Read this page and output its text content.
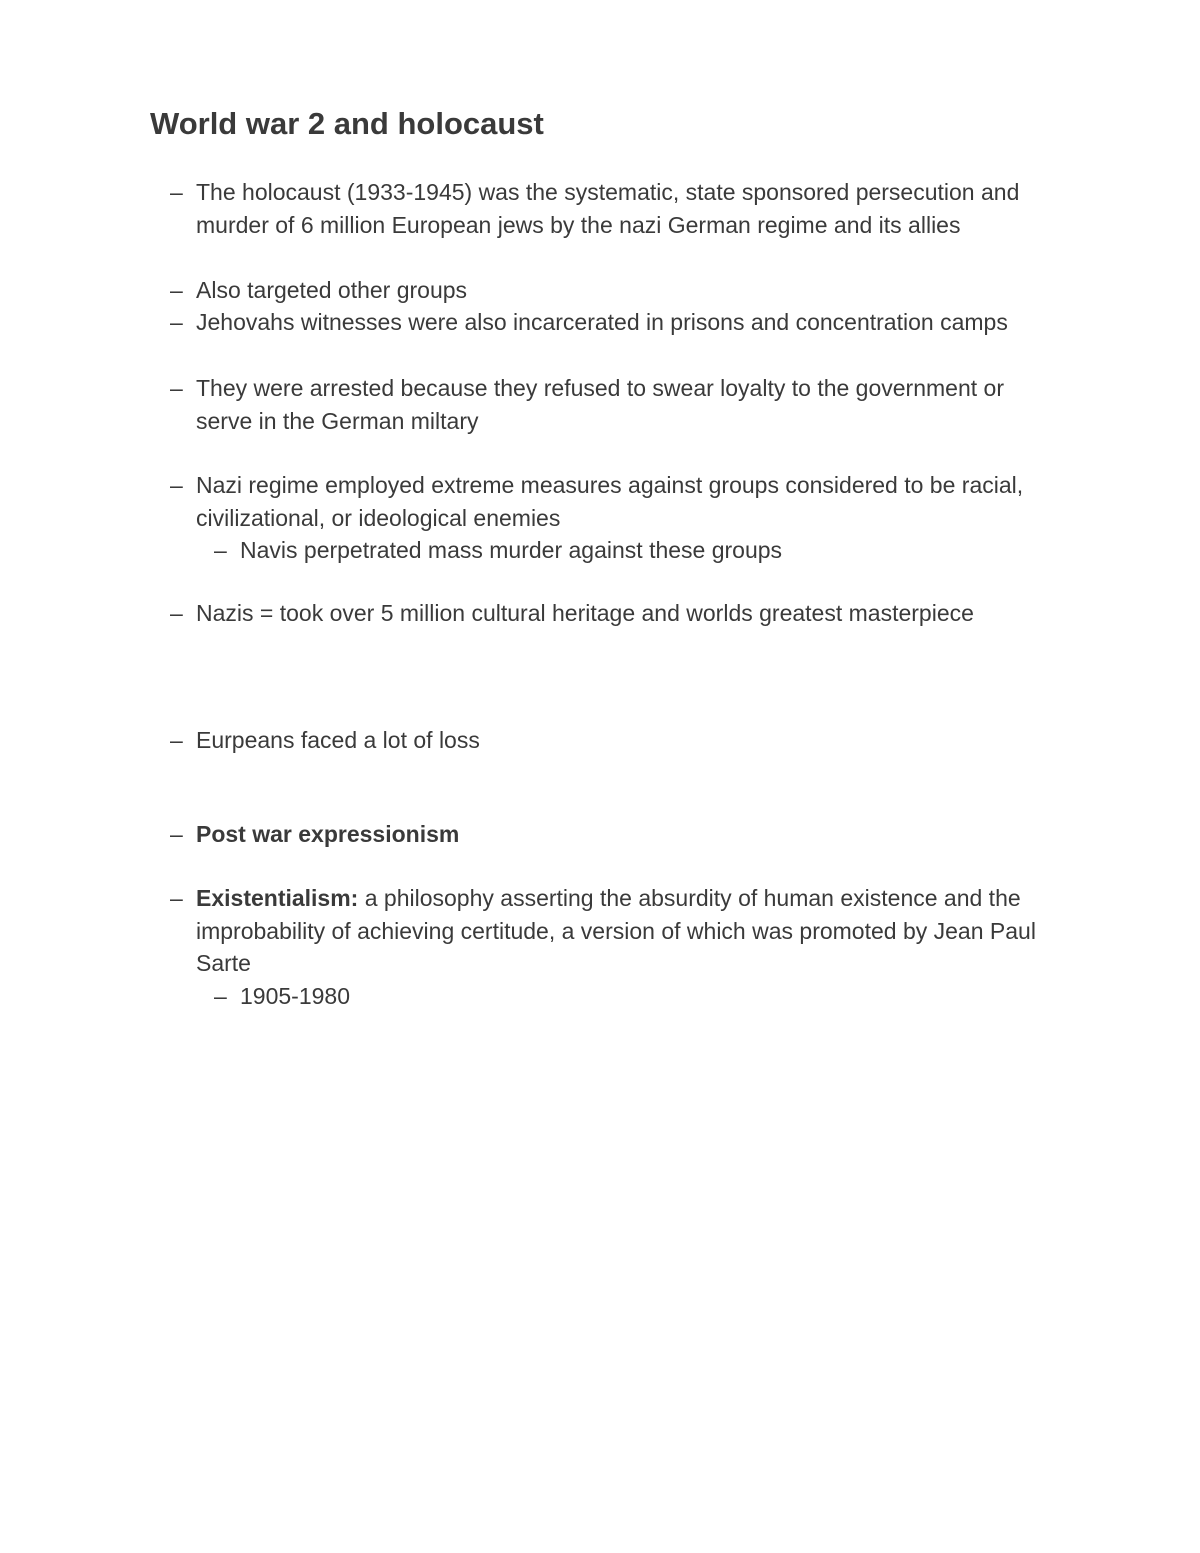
World war 2 and holocaust
– The holocaust (1933-1945) was the systematic, state sponsored persecution and murder of 6 million European jews by the nazi German regime and its allies
– Also targeted other groups
– Jehovahs witnesses were also incarcerated in prisons and concentration camps
– They were arrested because they refused to swear loyalty to the government or serve in the German miltary
– Nazi regime employed extreme measures against groups considered to be racial, civilizational, or ideological enemies
– Navis perpetrated mass murder against these groups
– Nazis = took over 5 million cultural heritage and worlds greatest masterpiece
– Eurpeans faced a lot of loss
– Post war expressionism
– Existentialism: a philosophy asserting the absurdity of human existence and the improbability of achieving certitude, a version of which was promoted by Jean Paul Sarte
– 1905-1980
